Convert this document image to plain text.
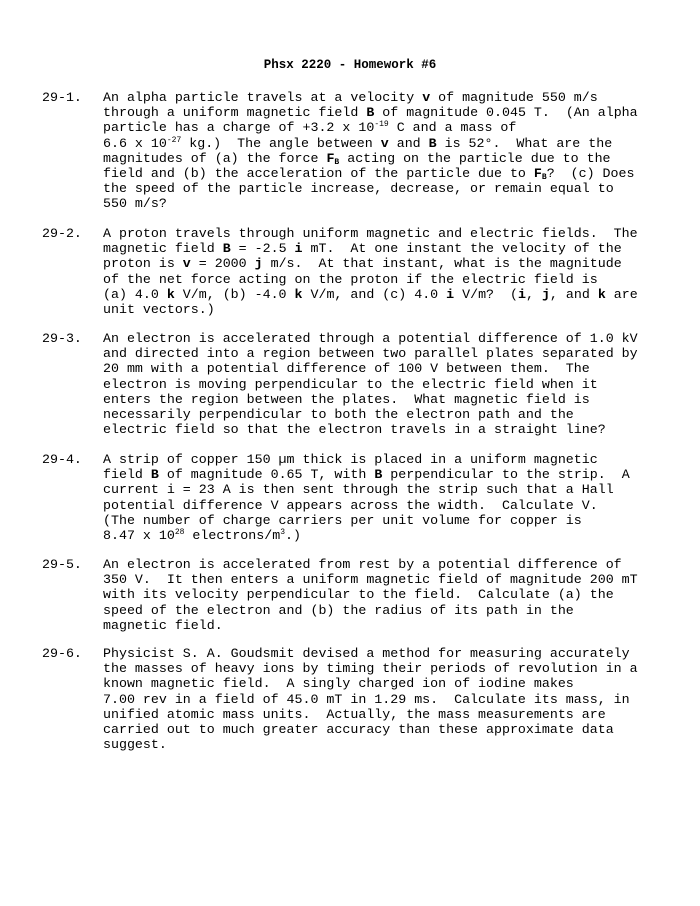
Phsx 2220 - Homework #6
29-1. An alpha particle travels at a velocity v of magnitude 550 m/s
through a uniform magnetic field B of magnitude 0.045 T.  (An alpha
particle has a charge of +3.2 x $10^{-19}$ C and a mass of
6.6 x $10^{-27}$ kg.)  The angle between v and B is 52°.  What are the
magnitudes of (a) the force $F_B$ acting on the particle due to the
field and (b) the acceleration of the particle due to $F_B$?  (c) Does
the speed of the particle increase, decrease, or remain equal to
550 m/s?
29-2. A proton travels through uniform magnetic and electric fields.  The
magnetic field B = -2.5 i mT.  At one instant the velocity of the
proton is v = 2000 j m/s.  At that instant, what is the magnitude
of the net force acting on the proton if the electric field is
(a) 4.0 k V/m, (b) -4.0 k V/m, and (c) 4.0 i V/m?  (i, j, and k are
unit vectors.)
29-3. An electron is accelerated through a potential difference of 1.0 kV
and directed into a region between two parallel plates separated by
20 mm with a potential difference of 100 V between them.  The
electron is moving perpendicular to the electric field when it
enters the region between the plates.  What magnetic field is
necessarily perpendicular to both the electron path and the
electric field so that the electron travels in a straight line?
29-4. A strip of copper 150 µm thick is placed in a uniform magnetic
field B of magnitude 0.65 T, with B perpendicular to the strip.  A
current i = 23 A is then sent through the strip such that a Hall
potential difference V appears across the width.  Calculate V.
(The number of charge carriers per unit volume for copper is
8.47 x $10^{28}$ electrons/$m^3$.)
29-5. An electron is accelerated from rest by a potential difference of
350 V.  It then enters a uniform magnetic field of magnitude 200 mT
with its velocity perpendicular to the field.  Calculate (a) the
speed of the electron and (b) the radius of its path in the
magnetic field.
29-6. Physicist S. A. Goudsmit devised a method for measuring accurately
the masses of heavy ions by timing their periods of revolution in a
known magnetic field.  A singly charged ion of iodine makes
7.00 rev in a field of 45.0 mT in 1.29 ms.  Calculate its mass, in
unified atomic mass units.  Actually, the mass measurements are
carried out to much greater accuracy than these approximate data
suggest.
